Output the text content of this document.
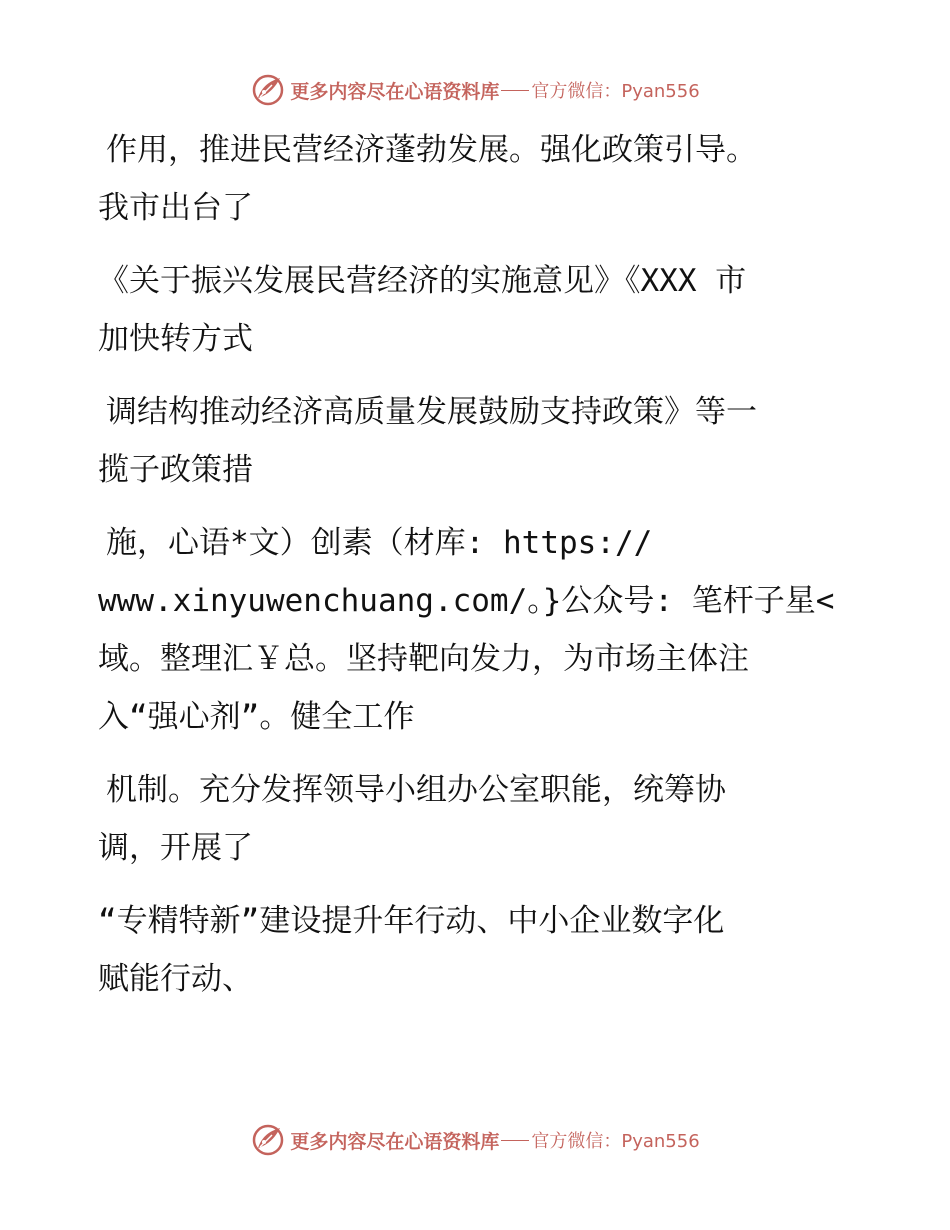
更多内容尽在心语资料库 官方微信：Pyan556
作用，推进民营经济蓬勃发展。强化政策引导。
我市出台了
《关于振兴发展民营经济的实施意见》《XXX 市
加快转方式
调结构推动经济高质量发展鼓励支持政策》等一
揽子政策措
施，心语*文）创素（材库: https://
www.xinyuwenchuang.com/。}公众号: 笔杆子星<
域。整理汇￥总。坚持靶向发力，为市场主体注
入“强心剂”。健全工作
机制。充分发挥领导小组办公室职能，统筹协
调，开展了
“专精特新”建设提升年行动、中小企业数字化
赋能行动、
更多内容尽在心语资料库 官方微信：Pyan556
